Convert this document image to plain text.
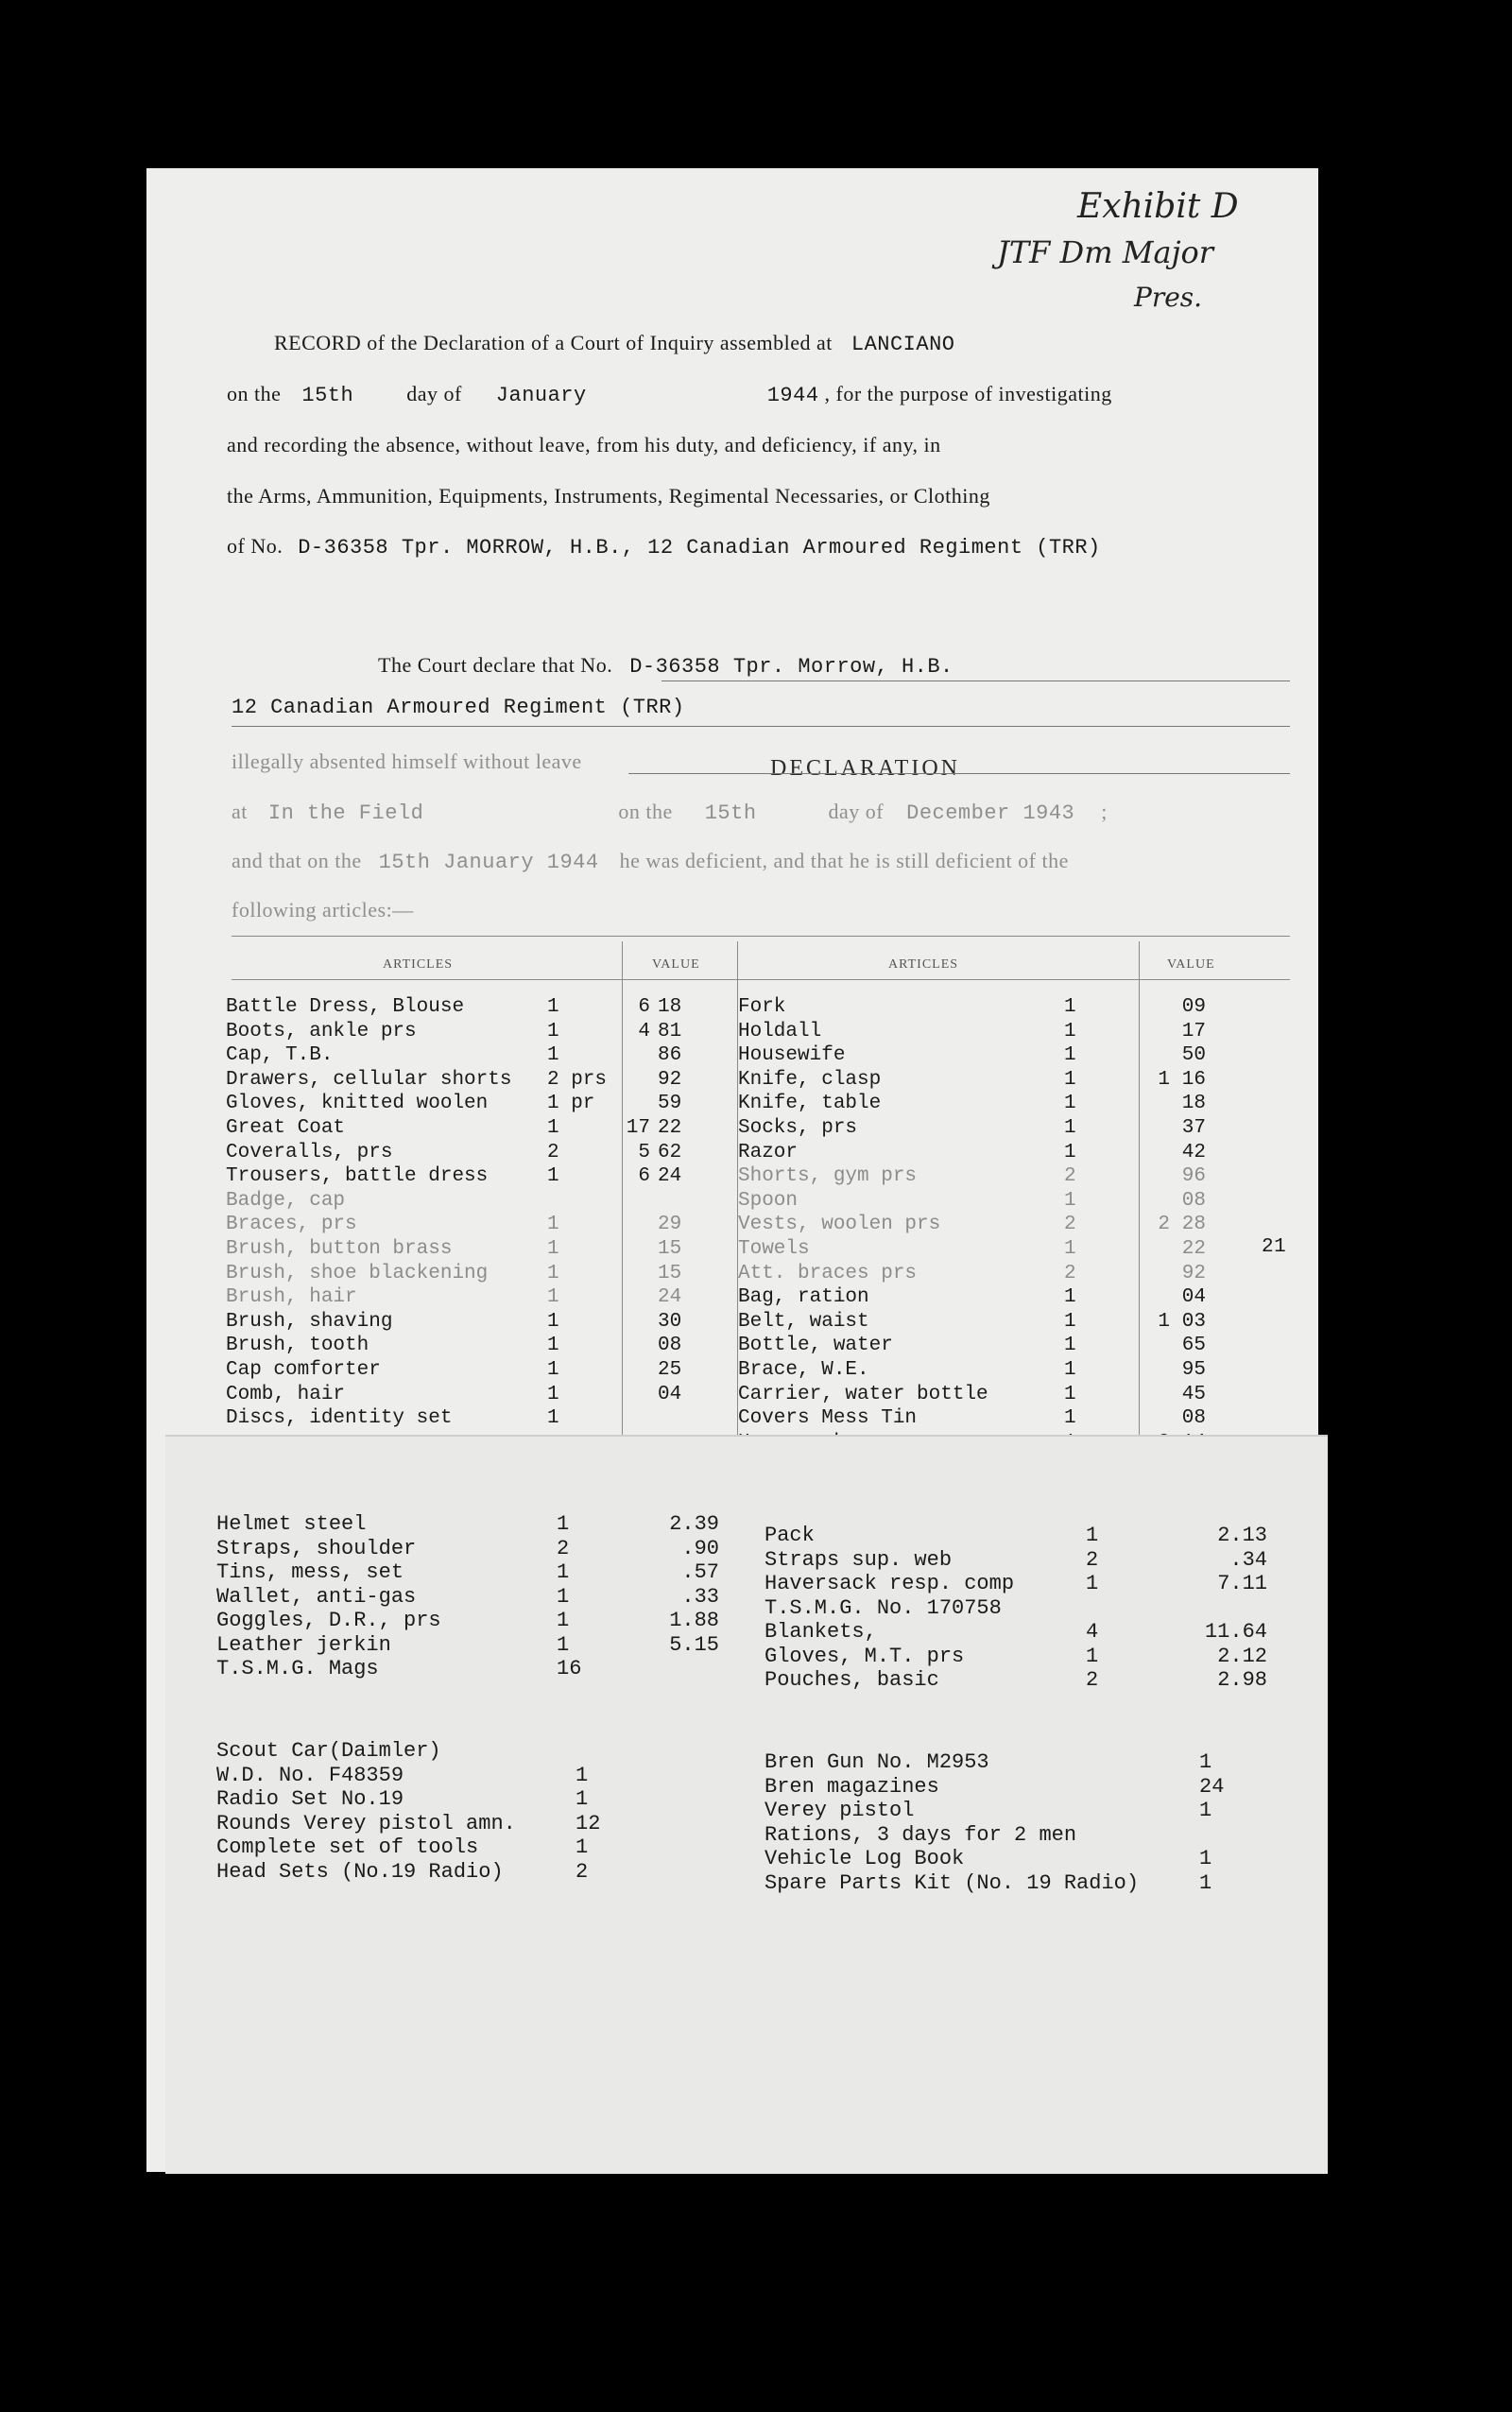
Exhibit D
JTF Dm Major
Pres.
RECORD of the Declaration of a Court of Inquiry assembled at LANCIANO
on the 15th	day of January	1944 , for the purpose of investigating
and recording the absence, without leave, from his duty, and deficiency, if any, in
the Arms, Ammunition, Equipments, Instruments, Regimental Necessaries, or Clothing
of No. D-36358 Tpr. MORROW, H.B., 12 Canadian Armoured Regiment (TRR)
DECLARATION
The Court declare that No. D-36358 Tpr. Morrow, H.B.
12 Canadian Armoured Regiment (TRR)
illegally absented himself without leave
at In the Field	on the 15th	day of December 1943 ;
and that on the 15th January 1944 he was deficient, and that he is still deficient of the
following articles:—
ARTICLES	VALUE	ARTICLES	VALUE
Battle Dress, Blouse	1	6	18
Boots, ankle prs	1	4	81
Cap, T.B.	1		86
Drawers, cellular shorts	2 prs		92
Gloves, knitted woolen	1 pr		59
Great Coat	1	17	22
Coveralls, prs	2	5	62
Trousers, battle dress	1	6	24
Badge, cap			
Braces, prs	1		29
Brush, button brass	1		15
Brush, shoe blackening	1		15
Brush, hair	1		24
Brush, shaving	1		30
Brush, tooth	1		08
Cap comforter	1		25
Comb, hair	1		04
Discs, identity set	1		
Fork	1		09
Holdall	1		17
Housewife	1		50
Knife, clasp	1	1	16
Knife, table	1		18
Socks, prs	1		37
Razor	1		42
Shorts, gym prs	2		96
Spoon	1		08
Vests, woolen prs	2	2	28
Towels	1		22
Att. braces prs	2		92
Bag, ration	1		04
Belt, waist	1	1	03
Bottle, water	1		65
Brace, W.E.	1		95
Carrier, water bottle	1		45
Covers Mess Tin	1		08

21
Helmet steel	1	2.39
Straps, shoulder	2	.90
Tins, mess, set	1	.57
Wallet, anti-gas	1	.33
Goggles, D.R., prs	1	1.88
Leather jerkin	1	5.15
T.S.M.G. Mags	16	
Pack	1	2.13
Straps sup. web	2	.34
Haversack resp. comp	1	7.11
T.S.M.G. No. 170758		
Blankets,	4	11.64
Gloves, M.T. prs	1	2.12
Pouches, basic	2	2.98
Scout Car(Daimler)	
W.D. No. F48359	1
Radio Set No.19	1
Rounds Verey pistol amn.	12
Complete set of tools	1
Head Sets (No.19 Radio)	2
Bren Gun No. M2953	1
Bren magazines	24
Verey pistol	1
Rations, 3 days for 2 men	
Vehicle Log Book	1
Spare Parts Kit (No. 19 Radio)	1
